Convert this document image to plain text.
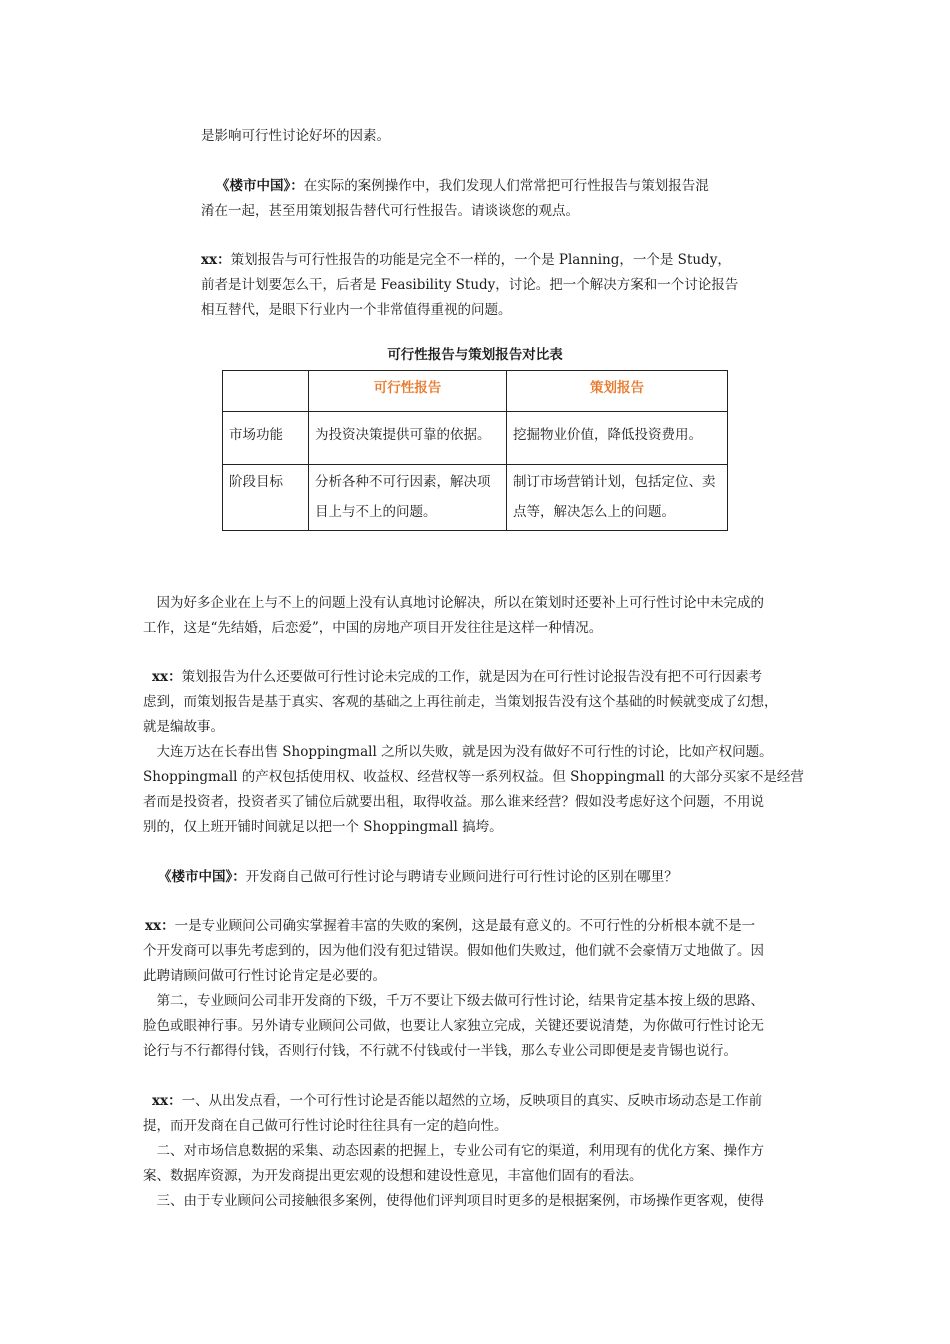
是影响可行性讨论好坏的因素。
《楼市中国》：在实际的案例操作中，我们发现人们常常把可行性报告与策划报告混
淆在一起，甚至用策划报告替代可行性报告。请谈谈您的观点。
xx：策划报告与可行性报告的功能是完全不一样的，一个是 Planning，一个是 Study，
前者是计划要怎么干，后者是 Feasibility Study，讨论。把一个解决方案和一个讨论报告
相互替代，是眼下行业内一个非常值得重视的问题。
可行性报告与策划报告对比表
	可行性报告	策划报告

市场功能	为投资决策提供可靠的依据。	挖掘物业价值，降低投资费用。

阶段目标	分析各种不可行因素，解决项目上与不上的问题。	制订市场营销计划，包括定位、卖点等，解决怎么上的问题。
　因为好多企业在上与不上的问题上没有认真地讨论解决，所以在策划时还要补上可行性讨论中未完成的
工作，这是“先结婚，后恋爱”，中国的房地产项目开发往往是这样一种情况。
xx：策划报告为什么还要做可行性讨论未完成的工作，就是因为在可行性讨论报告没有把不可行因素考
虑到，而策划报告是基于真实、客观的基础之上再往前走，当策划报告没有这个基础的时候就变成了幻想，
就是编故事。
　大连万达在长春出售 Shoppingmall 之所以失败，就是因为没有做好不可行性的讨论，比如产权问题。
Shoppingmall 的产权包括使用权、收益权、经营权等一系列权益。但 Shoppingmall 的大部分买家不是经营
者而是投资者，投资者买了铺位后就要出租，取得收益。那么谁来经营？假如没考虑好这个问题，不用说
别的，仅上班开铺时间就足以把一个 Shoppingmall 搞垮。
《楼市中国》：开发商自己做可行性讨论与聘请专业顾问进行可行性讨论的区别在哪里？
xx：一是专业顾问公司确实掌握着丰富的失败的案例，这是最有意义的。不可行性的分析根本就不是一
个开发商可以事先考虑到的，因为他们没有犯过错误。假如他们失败过，他们就不会豪情万丈地做了。因
此聘请顾问做可行性讨论肯定是必要的。
　第二，专业顾问公司非开发商的下级，千万不要让下级去做可行性讨论，结果肯定基本按上级的思路、
脸色或眼神行事。另外请专业顾问公司做，也要让人家独立完成，关键还要说清楚，为你做可行性讨论无
论行与不行都得付钱，否则行付钱，不行就不付钱或付一半钱，那么专业公司即便是麦肯锡也说行。
xx：一、从出发点看，一个可行性讨论是否能以超然的立场，反映项目的真实、反映市场动态是工作前
提，而开发商在自己做可行性讨论时往往具有一定的趋向性。
　二、对市场信息数据的采集、动态因素的把握上，专业公司有它的渠道，利用现有的优化方案、操作方
案、数据库资源，为开发商提出更宏观的设想和建设性意见，丰富他们固有的看法。
　三、由于专业顾问公司接触很多案例，使得他们评判项目时更多的是根据案例，市场操作更客观，使得
